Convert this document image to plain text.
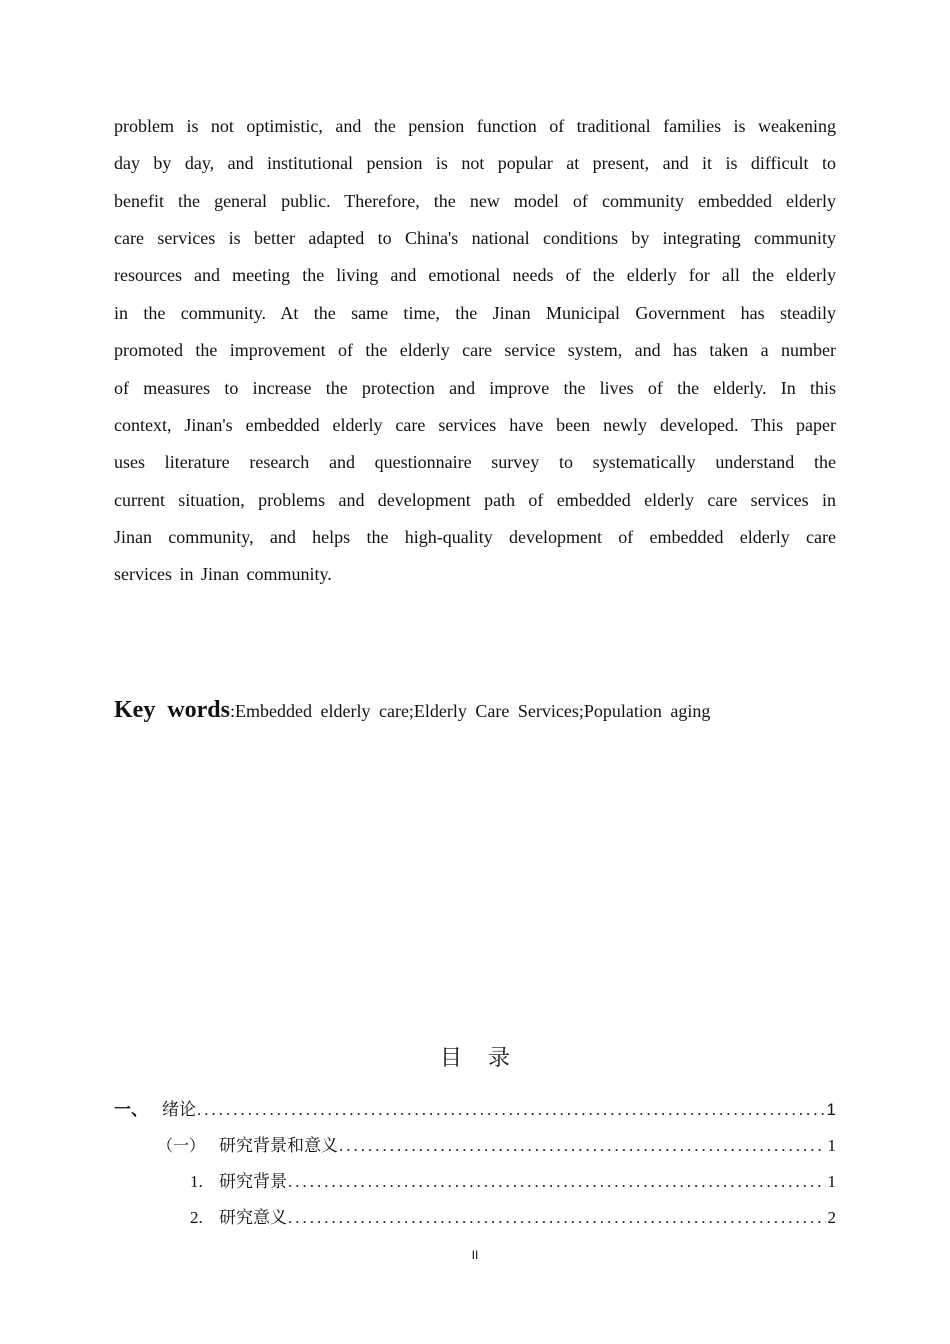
problem is not optimistic, and the pension function of traditional families is weakening
day by day, and institutional pension is not popular at present, and it is difficult to
benefit the general public. Therefore, the new model of community embedded elderly
care services is better adapted to China's national conditions by integrating community
resources and meeting the living and emotional needs of the elderly for all the elderly
in the community. At the same time, the Jinan Municipal Government has steadily
promoted the improvement of the elderly care service system, and has taken a number
of measures to increase the protection and improve the lives of the elderly. In this
context, Jinan's embedded elderly care services have been newly developed. This paper
uses literature research and questionnaire survey to systematically understand the
current situation, problems and development path of embedded elderly care services in
Jinan community, and helps the high-quality development of embedded elderly care
services in Jinan community.
Key words:Embedded elderly care;Elderly Care Services;Population aging
目 录
一、 绪论 .....	1
（一） 研究背景和意义 .....	1
1. 研究背景 .....	1
2. 研究意义 .....	2
II
